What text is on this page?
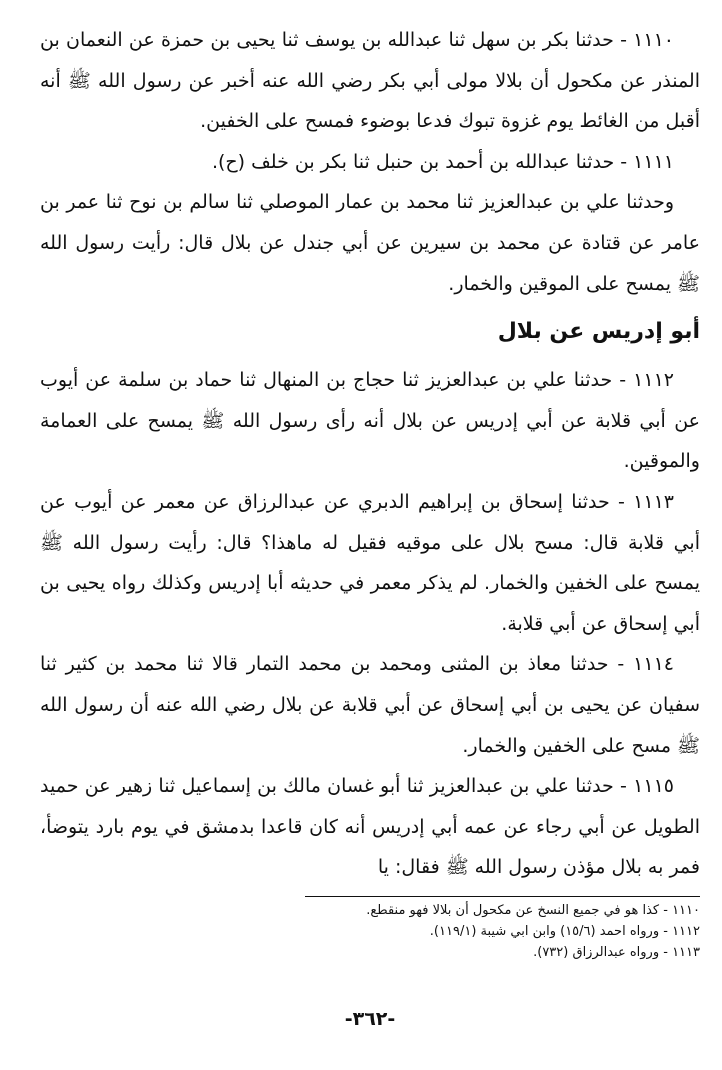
١١١٠ - حدثنا بكر بن سهل ثنا عبدالله بن يوسف ثنا يحيى بن حمزة عن النعمان بن المنذر عن مكحول أن بلالا مولى أبي بكر رضي الله عنه أخبر عن رسول الله ﷺ أنه أقبل من الغائط يوم غزوة تبوك فدعا بوضوء فمسح على الخفين.

١١١١ - حدثنا عبدالله بن أحمد بن حنبل ثنا بكر بن خلف (ح).

وحدثنا علي بن عبدالعزيز ثنا محمد بن عمار الموصلي ثنا سالم بن نوح ثنا عمر بن عامر عن قتادة عن محمد بن سيرين عن أبي جندل عن بلال قال: رأيت رسول الله ﷺ يمسح على الموقين والخمار.

أبو إدريس عن بلال

١١١٢ - حدثنا علي بن عبدالعزيز ثنا حجاج بن المنهال ثنا حماد بن سلمة عن أيوب عن أبي قلابة عن أبي إدريس عن بلال أنه رأى رسول الله ﷺ يمسح على العمامة والموقين.

١١١٣ - حدثنا إسحاق بن إبراهيم الدبري عن عبدالرزاق عن معمر عن أيوب عن أبي قلابة قال: مسح بلال على موقيه فقيل له ماهذا؟ قال: رأيت رسول الله ﷺ يمسح على الخفين والخمار. لم يذكر معمر في حديثه أبا إدريس وكذلك رواه يحيى بن أبي إسحاق عن أبي قلابة.

١١١٤ - حدثنا معاذ بن المثنى ومحمد بن محمد التمار قالا ثنا محمد بن كثير ثنا سفيان عن يحيى بن أبي إسحاق عن أبي قلابة عن بلال رضي الله عنه أن رسول الله ﷺ مسح على الخفين والخمار.

١١١٥ - حدثنا علي بن عبدالعزيز ثنا أبو غسان مالك بن إسماعيل ثنا زهير عن حميد الطويل عن أبي رجاء عن عمه أبي إدريس أنه كان قاعدا بدمشق في يوم بارد يتوضأ، فمر به بلال مؤذن رسول الله ﷺ فقال: يا

١١١٠ - كذا هو في جميع النسخ عن مكحول أن بلالا فهو منقطع.

١١١٢ - ورواه احمد (١٥/٦) وابن ابي شيبة (١١٩/١).

١١١٣ - ورواه عبدالرزاق (٧٣٢).

-٣٦٢-
